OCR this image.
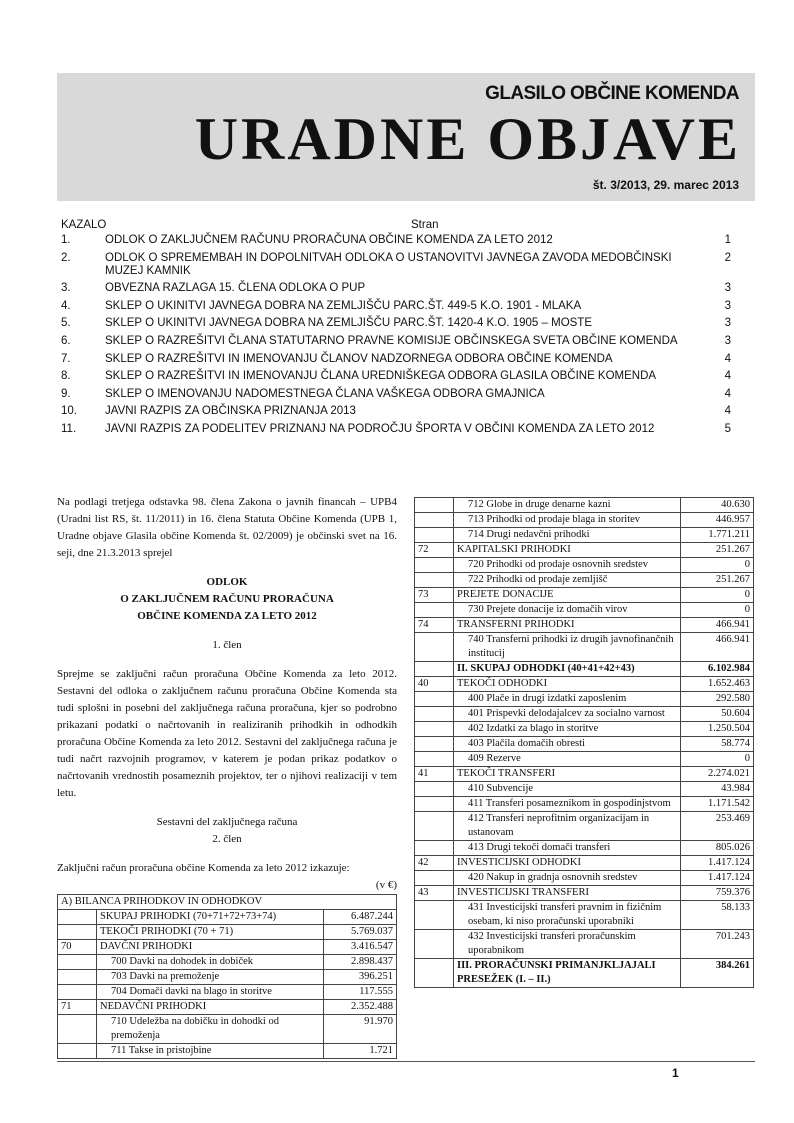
GLASILO OBČINE KOMENDA
URADNE OBJAVE
št. 3/2013, 29. marec 2013
KAZALO	Stran
1.	ODLOK O ZAKLJUČNEM RAČUNU PRORAČUNA OBČINE KOMENDA ZA LETO 2012	1
2.	ODLOK O SPREMEMBAH IN DOPOLNITVAH ODLOKA O USTANOVITVI JAVNEGA ZAVODA MEDOBČINSKI MUZEJ KAMNIK
2
3.	OBVEZNA RAZLAGA 15. ČLENA ODLOKA O PUP	3
4.	SKLEP O UKINITVI JAVNEGA DOBRA NA ZEMLJIŠČU PARC.ŠT. 449-5 K.O. 1901 - MLAKA	3
5.	SKLEP O UKINITVI JAVNEGA DOBRA NA ZEMLJIŠČU PARC.ŠT. 1420-4 K.O. 1905 – MOSTE	3
6.	SKLEP O RAZREŠITVI ČLANA STATUTARNO PRAVNE KOMISIJE OBČINSKEGA SVETA OBČINE KOMENDA	3
7.	SKLEP O RAZREŠITVI IN IMENOVANJU ČLANOV NADZORNEGA ODBORA OBČINE KOMENDA	4
8.	SKLEP O RAZREŠITVI IN IMENOVANJU ČLANA UREDNIŠKEGA ODBORA GLASILA OBČINE KOMENDA	4
9.	SKLEP O IMENOVANJU NADOMESTNEGA ČLANA VAŠKEGA ODBORA GMAJNICA	4
10. JAVNI RAZPIS ZA OBČINSKA PRIZNANJA 2013	4
11.	JAVNI RAZPIS ZA PODELITEV PRIZNANJ NA PODROČJU ŠPORTA V OBČINI KOMENDA ZA LETO 2012	5

Na podlagi tretjega odstavka 98. člena Zakona o javnih financah – UPB4 (Uradni list RS, št. 11/2011) in 16. člena Statuta Občine Komenda (UPB 1, Uradne objave Glasila občine Komenda št. 02/2009) je občinski svet na 16. seji, dne 21.3.2013 sprejel

ODLOK

O ZAKLJUČNEM RAČUNU PRORAČUNA

OBČINE KOMENDA ZA LETO 2012

1. člen

Sprejme se zaključni račun proračuna Občine Komenda za leto 2012. Sestavni del odloka o zaključnem računu proračuna Občine Komenda sta tudi splošni in posebni del zaključnega računa proračuna, kjer so podrobno prikazani podatki o načrtovanih in realiziranih prihodkih in odhodkih proračuna Občine Komenda za leto 2012. Sestavni del zaključnega računa je tudi načrt razvojnih programov, v katerem je podan prikaz podatkov o načrtovanih vrednostih posameznih projektov, ter o njihovi realizaciji v tem letu.

Sestavni del zaključnega računa

2. člen

Zaključni račun proračuna občine Komenda za leto 2012 izkazuje:

(v €)

A) BILANCA PRIHODKOV IN ODHODKOV		
	SKUPAJ PRIHODKI (70+71+72+73+74)	6.487.244
	TEKOČI PRIHODKI (70 + 71)	5.769.037
70	DAVČNI PRIHODKI	3.416.547
	700 Davki na dohodek in dobiček	2.898.437
	703 Davki na premoženje	396.251
	704 Domači davki na blago in storitve	117.555
71	NEDAVČNI PRIHODKI	2.352.488
	710 Udeležba na dobičku in dohodki od premoženja	91.970
	711 Takse in pristojbine	1.721
	712 Globe in druge denarne kazni	40.630
	713 Prihodki od prodaje blaga in storitev	446.957
	714 Drugi nedavčni prihodki	1.771.211
72	KAPITALSKI PRIHODKI	251.267
	720 Prihodki od prodaje osnovnih sredstev	0
	722 Prihodki od prodaje zemljišč	251.267
73	PREJETE DONACIJE	0
	730 Prejete donacije iz domačih virov	0
74	TRANSFERNI PRIHODKI	466.941
	740 Transferni prihodki iz drugih javnofinančnih institucij	466.941
	II. SKUPAJ ODHODKI (40+41+42+43)	6.102.984
40	TEKOČI ODHODKI	1.652.463
	400 Plače in drugi izdatki zaposlenim	292.580
	401 Prispevki delodajalcev za socialno varnost	50.604
	402 Izdatki za blago in storitve	1.250.504
	403 Plačila domačih obresti	58.774
	409 Rezerve	0
41	TEKOČI TRANSFERI	2.274.021
	410 Subvencije	43.984
	411 Transferi posameznikom in gospodinjstvom	1.171.542
	412 Transferi neprofitnim organizacijam in ustanovam	253.469
	413 Drugi tekoči domači transferi	805.026
42	INVESTICIJSKI ODHODKI	1.417.124
	420 Nakup in gradnja osnovnih sredstev	1.417.124
43	INVESTICIJSKI TRANSFERI	759.376
	431 Investicijski transferi pravnim in fizičnim osebam, ki niso proračunski uporabniki	58.133
	432 Investicijski transferi proračunskim uporabnikom	701.243
	III. PRORAČUNSKI PRIMANJKLJAJALI PRESEŽEK (I. – II.)	384.261
1
